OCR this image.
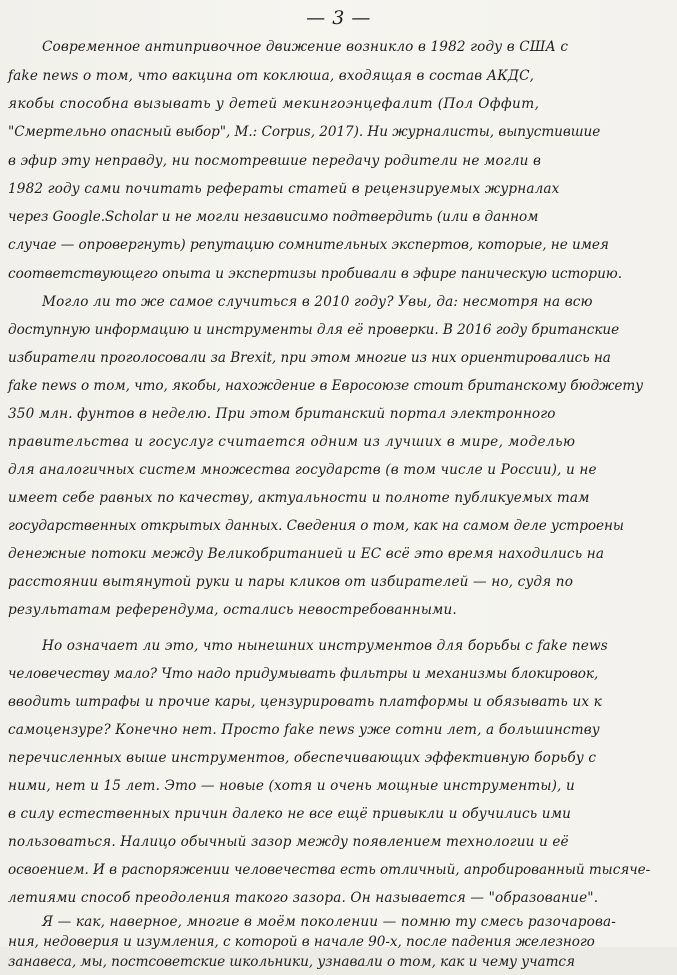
— 3 —
Современное антипривочное движение возникло в 1982 году в США с
fake news о том, что вакцина от коклюша, входящая в состав АКДС,
якобы способна вызывать у детей мекингоэнцефалит (Пол Оффит,
"Смертельно опасный выбор", М.: Corpus, 2017). Ни журналисты, выпустившие
в эфир эту неправду, ни посмотревшие передачу родители не могли в
1982 году сами почитать рефераты статей в рецензируемых журналах
через Google.Scholar и не могли независимо подтвердить (или в данном
случае — опровергнуть) репутацию сомнительных экспертов, которые, не имея
соответствующего опыта и экспертизы пробивали в эфире паническую историю.
Могло ли то же самое случиться в 2010 году? Увы, да: несмотря на всю
доступную информацию и инструменты для её проверки. В 2016 году британские
избиратели проголосовали за Brexit, при этом многие из них ориентировались на
fake news о том, что, якобы, нахождение в Евросоюзе стоит британскому бюджету
350 млн. фунтов в неделю. При этом британский портал электронного
правительства и госуслуг считается одним из лучших в мире, моделью
для аналогичных систем множества государств (в том числе и России), и не
имеет себе равных по качеству, актуальности и полноте публикуемых там
государственных открытых данных. Сведения о том, как на самом деле устроены
денежные потоки между Великобританией и ЕС всё это время находились на
расстоянии вытянутой руки и пары кликов от избирателей — но, судя по
результатам референдума, остались невостребованными.
Но означает ли это, что нынешних инструментов для борьбы с fake news
человечеству мало? Что надо придумывать фильтры и механизмы блокировок,
вводить штрафы и прочие кары, цензурировать платформы и обязывать их к
самоцензуре? Конечно нет. Просто fake news уже сотни лет, а большинству
перечисленных выше инструментов, обеспечивающих эффективную борьбу с
ними, нет и 15 лет. Это — новые (хотя и очень мощные инструменты), и
в силу естественных причин далеко не все ещё привыкли и обучились ими
пользоваться. Налицо обычный зазор между появлением технологии и её
освоением. И в распоряжении человечества есть отличный, апробированный тысяче-
летиями способ преодоления такого зазора. Он называется — "образование".
Я — как, наверное, многие в моём поколении — помню ту смесь разочарова-
ния, недоверия и изумления, с которой в начале 90-х, после падения железного
занавеса, мы, постсоветские школьники, узнавали о том, как и чему учатся
